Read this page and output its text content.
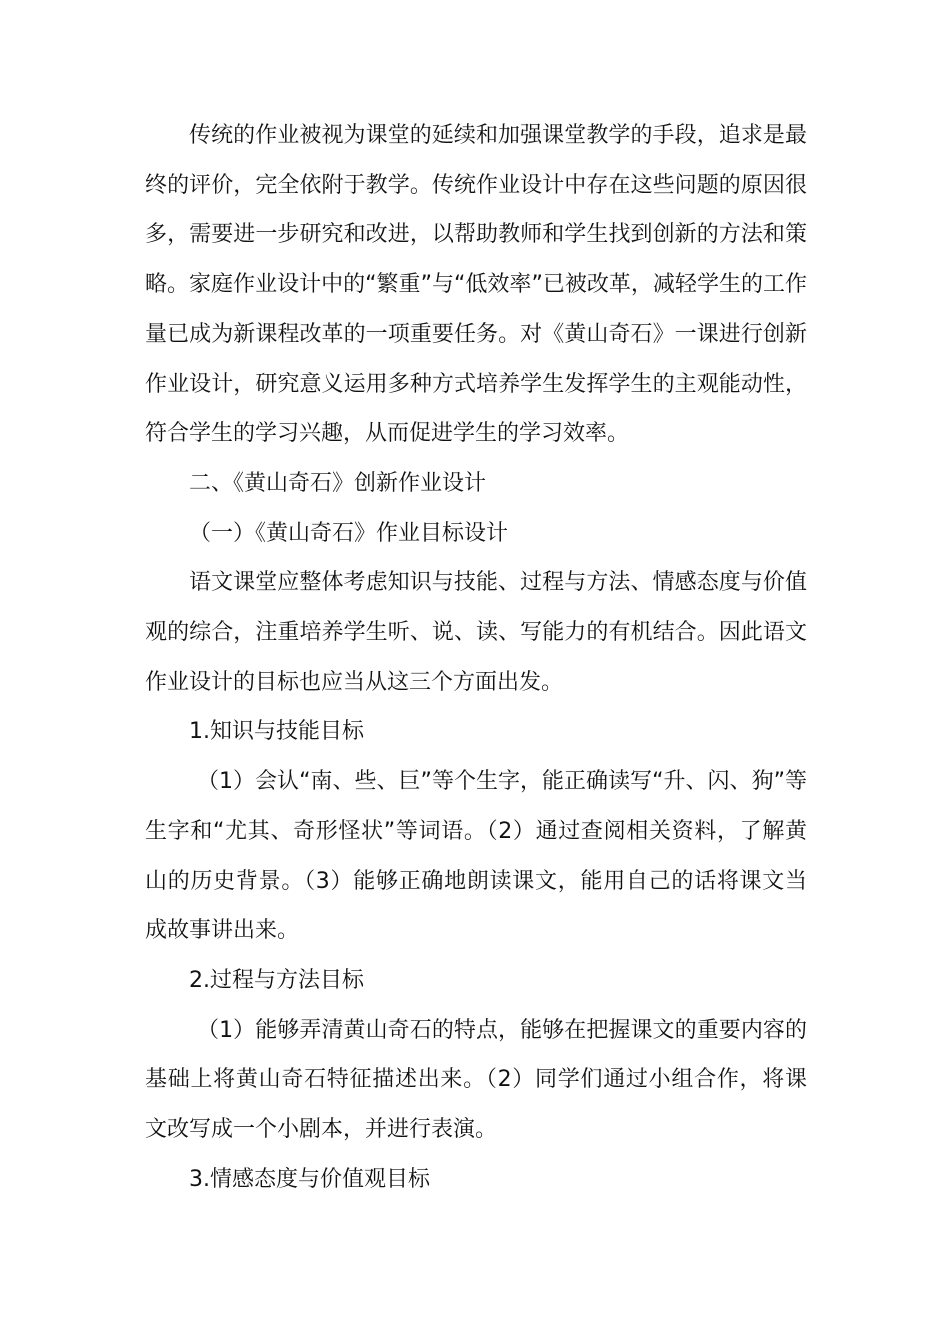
传统的作业被视为课堂的延续和加强课堂教学的手段，追求是最终的评价，完全依附于教学。传统作业设计中存在这些问题的原因很多，需要进一步研究和改进，以帮助教师和学生找到创新的方法和策略。家庭作业设计中的“繁重”与“低效率”已被改革，减轻学生的工作量已成为新课程改革的一项重要任务。对《黄山奇石》一课进行创新作业设计，研究意义运用多种方式培养学生发挥学生的主观能动性，符合学生的学习兴趣，从而促进学生的学习效率。

二、《黄山奇石》创新作业设计

（一）《黄山奇石》作业目标设计

语文课堂应整体考虑知识与技能、过程与方法、情感态度与价值观的综合，注重培养学生听、说、读、写能力的有机结合。因此语文作业设计的目标也应当从这三个方面出发。

1.知识与技能目标

（1）会认“南、些、巨”等个生字，能正确读写“升、闪、狗”等生字和“尤其、奇形怪状”等词语。（2）通过查阅相关资料，了解黄山的历史背景。（3）能够正确地朗读课文，能用自己的话将课文当成故事讲出来。

2.过程与方法目标

（1）能够弄清黄山奇石的特点，能够在把握课文的重要内容的基础上将黄山奇石特征描述出来。（2）同学们通过小组合作，将课文改写成一个小剧本，并进行表演。

3.情感态度与价值观目标
